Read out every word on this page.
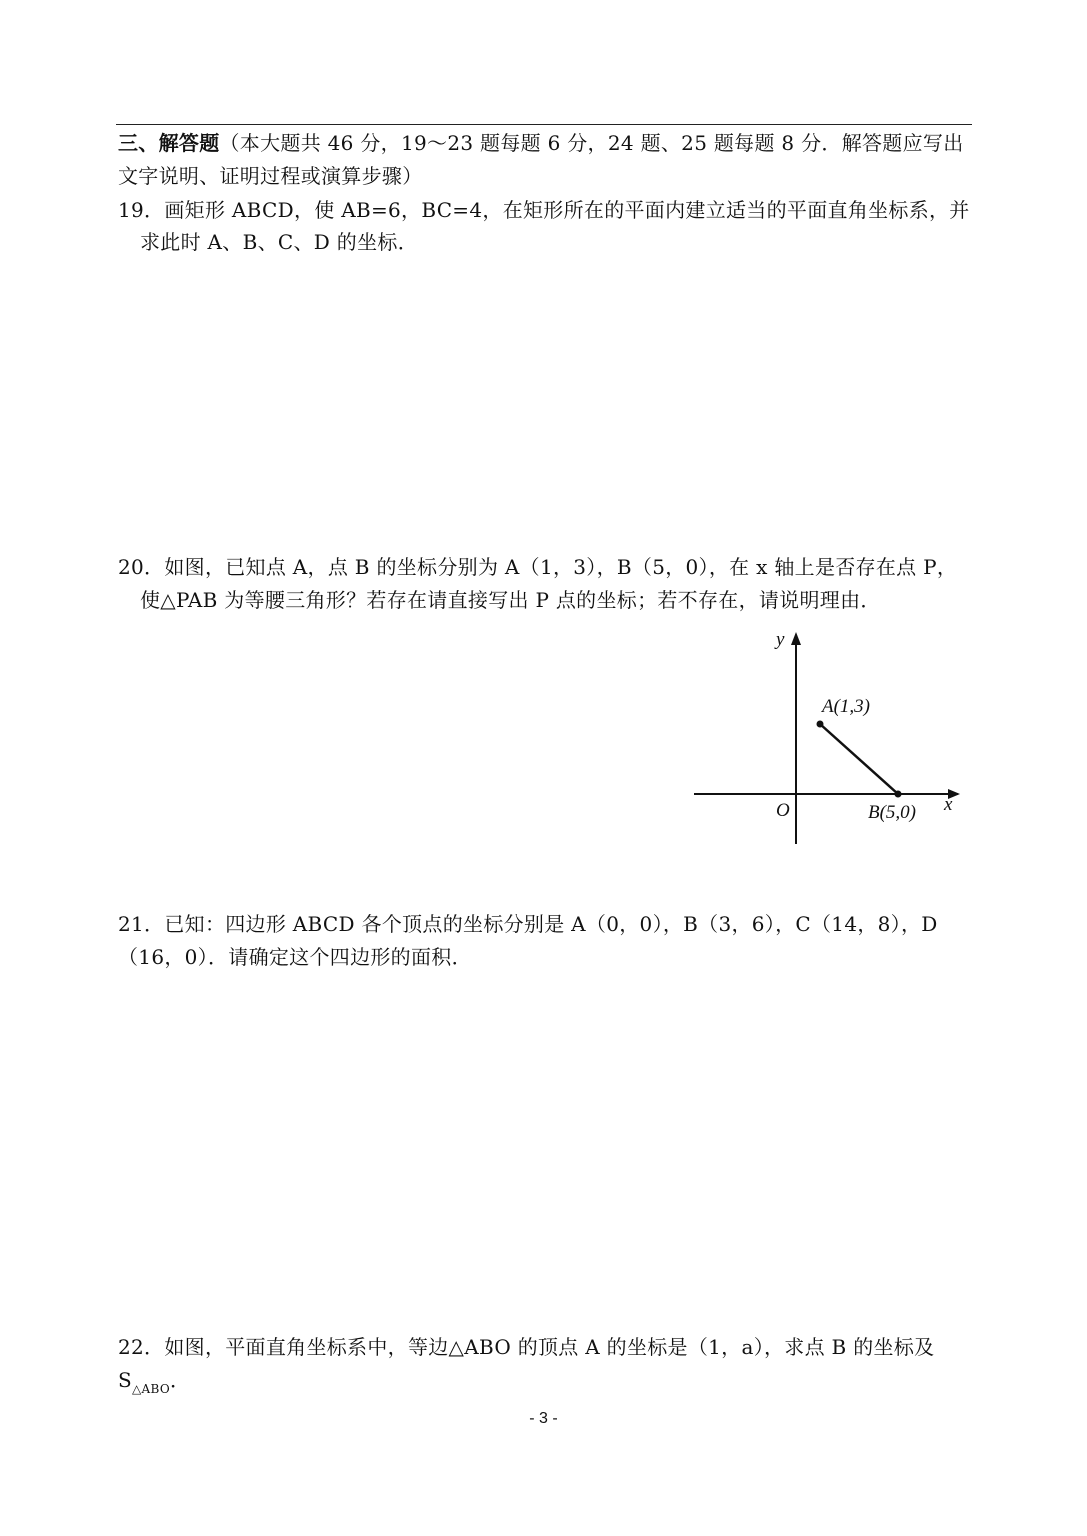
三、解答题（本大题共 46 分，19～23 题每题 6 分，24 题、25 题每题 8 分．解答题应写出
文字说明、证明过程或演算步骤）
19．画矩形 ABCD，使 AB=6，BC=4，在矩形所在的平面内建立适当的平面直角坐标系，并
求此时 A、B、C、D 的坐标．
20．如图，已知点 A，点 B 的坐标分别为 A（1，3），B（5，0），在 x 轴上是否存在点 P，
使△PAB 为等腰三角形？若存在请直接写出 P 点的坐标；若不存在，请说明理由．
y
x
O
A(1,3)
B(5,0)
21．已知：四边形 ABCD 各个顶点的坐标分别是 A（0，0），B（3，6），C（14，8），D
（16，0）．请确定这个四边形的面积．
22．如图，平面直角坐标系中，等边△ABO 的顶点 A 的坐标是（1，a），求点 B 的坐标及
$S_{\triangle ABO}$．
- 3 -
